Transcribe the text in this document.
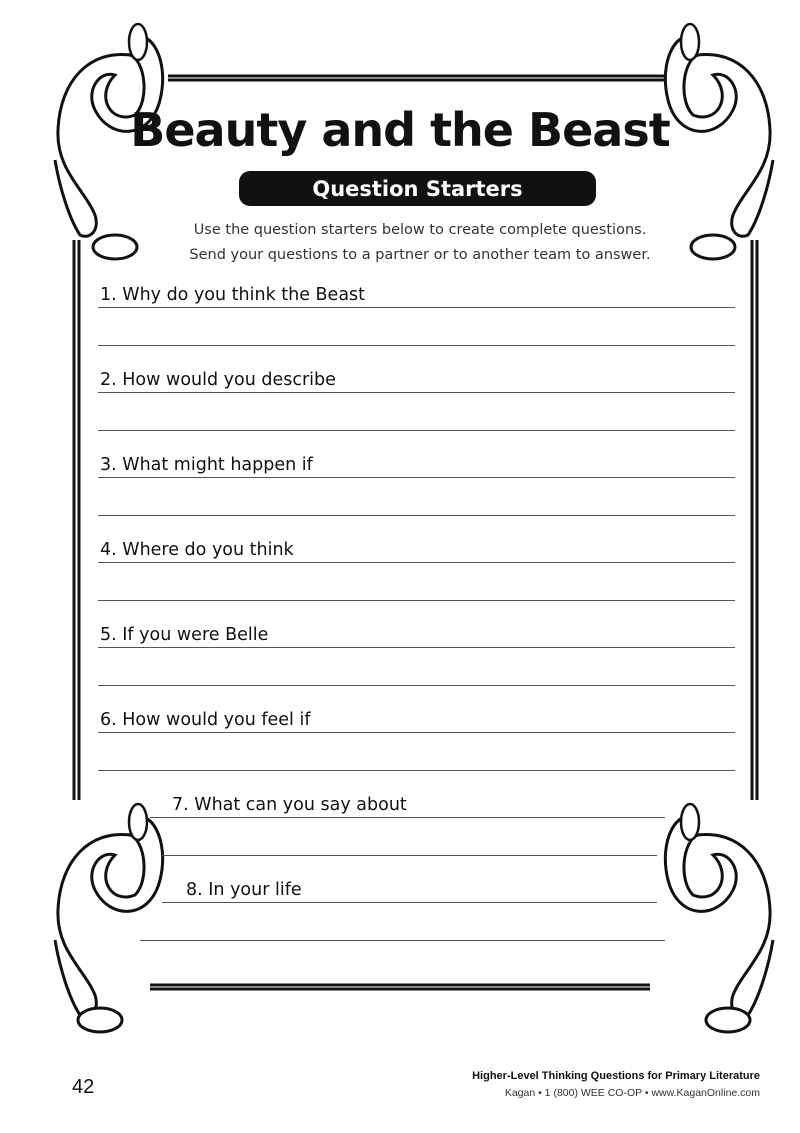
Beauty and the Beast
Question Starters

Use the question starters below to create complete questions.
Send your questions to a partner or to another team to answer.

1. Why do you think the Beast
2. How would you describe
3. What might happen if
4. Where do you think
5. If you were Belle
6. How would you feel if
7. What can you say about
8. In your life
42	Higher-Level Thinking Questions for Primary Literature
Kagan • 1 (800) WEE CO-OP • www.KaganOnline.com
